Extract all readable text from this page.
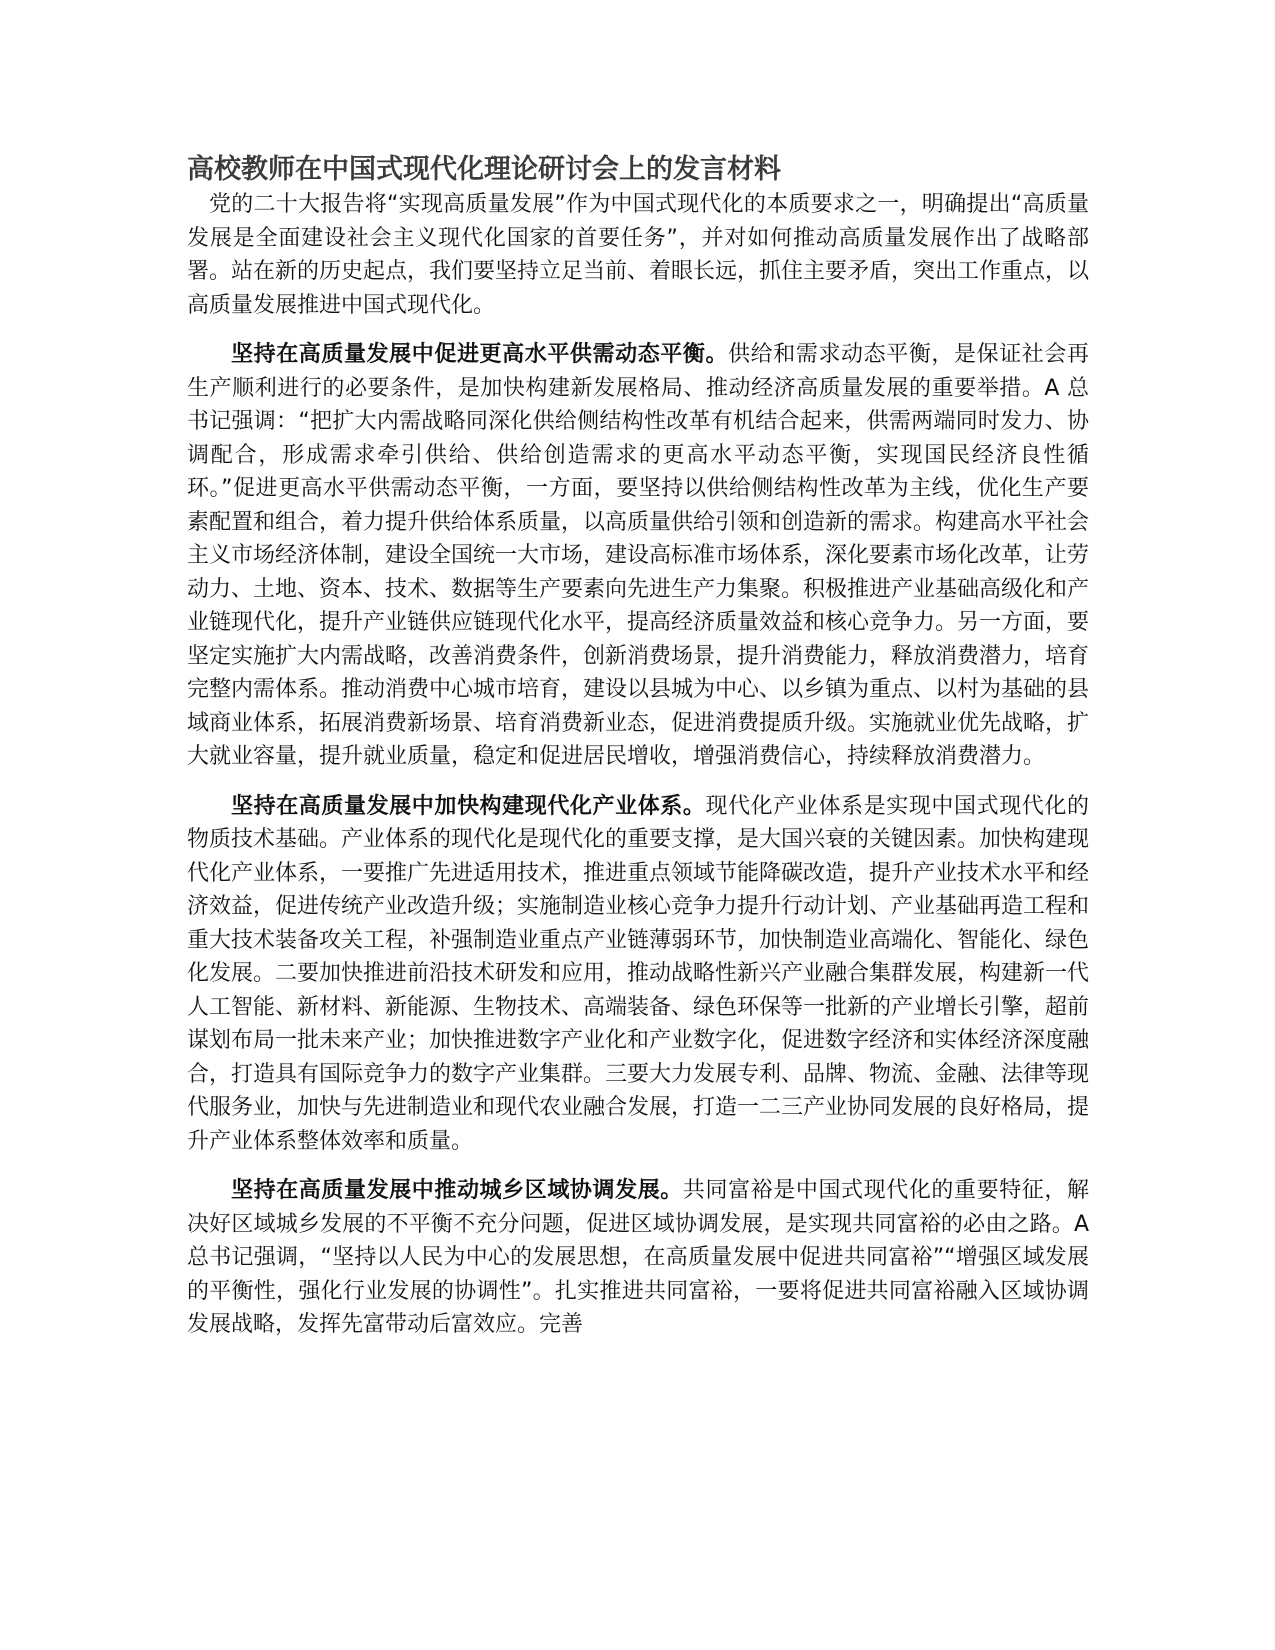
高校教师在中国式现代化理论研讨会上的发言材料

党的二十大报告将“实现高质量发展”作为中国式现代化的本质要求之一，明确提出“高质量发展是全面建设社会主义现代化国家的首要任务”，并对如何推动高质量发展作出了战略部署。站在新的历史起点，我们要坚持立足当前、着眼长远，抓住主要矛盾，突出工作重点，以高质量发展推进中国式现代化。

坚持在高质量发展中促进更高水平供需动态平衡。供给和需求动态平衡，是保证社会再生产顺利进行的必要条件，是加快构建新发展格局、推动经济高质量发展的重要举措。A 总书记强调：“把扩大内需战略同深化供给侧结构性改革有机结合起来，供需两端同时发力、协调配合，形成需求牵引供给、供给创造需求的更高水平动态平衡，实现国民经济良性循环。”促进更高水平供需动态平衡，一方面，要坚持以供给侧结构性改革为主线，优化生产要素配置和组合，着力提升供给体系质量，以高质量供给引领和创造新的需求。构建高水平社会主义市场经济体制，建设全国统一大市场，建设高标准市场体系，深化要素市场化改革，让劳动力、土地、资本、技术、数据等生产要素向先进生产力集聚。积极推进产业基础高级化和产业链现代化，提升产业链供应链现代化水平，提高经济质量效益和核心竞争力。另一方面，要坚定实施扩大内需战略，改善消费条件，创新消费场景，提升消费能力，释放消费潜力，培育完整内需体系。推动消费中心城市培育，建设以县城为中心、以乡镇为重点、以村为基础的县域商业体系，拓展消费新场景、培育消费新业态，促进消费提质升级。实施就业优先战略，扩大就业容量，提升就业质量，稳定和促进居民增收，增强消费信心，持续释放消费潜力。

坚持在高质量发展中加快构建现代化产业体系。现代化产业体系是实现中国式现代化的物质技术基础。产业体系的现代化是现代化的重要支撑，是大国兴衰的关键因素。加快构建现代化产业体系，一要推广先进适用技术，推进重点领域节能降碳改造，提升产业技术水平和经济效益，促进传统产业改造升级；实施制造业核心竞争力提升行动计划、产业基础再造工程和重大技术装备攻关工程，补强制造业重点产业链薄弱环节，加快制造业高端化、智能化、绿色化发展。二要加快推进前沿技术研发和应用，推动战略性新兴产业融合集群发展，构建新一代人工智能、新材料、新能源、生物技术、高端装备、绿色环保等一批新的产业增长引擎，超前谋划布局一批未来产业；加快推进数字产业化和产业数字化，促进数字经济和实体经济深度融合，打造具有国际竞争力的数字产业集群。三要大力发展专利、品牌、物流、金融、法律等现代服务业，加快与先进制造业和现代农业融合发展，打造一二三产业协同发展的良好格局，提升产业体系整体效率和质量。

坚持在高质量发展中推动城乡区域协调发展。共同富裕是中国式现代化的重要特征，解决好区域城乡发展的不平衡不充分问题，促进区域协调发展，是实现共同富裕的必由之路。A 总书记强调，“坚持以人民为中心的发展思想，在高质量发展中促进共同富裕”“增强区域发展的平衡性，强化行业发展的协调性”。扎实推进共同富裕，一要将促进共同富裕融入区域协调发展战略，发挥先富带动后富效应。完善
